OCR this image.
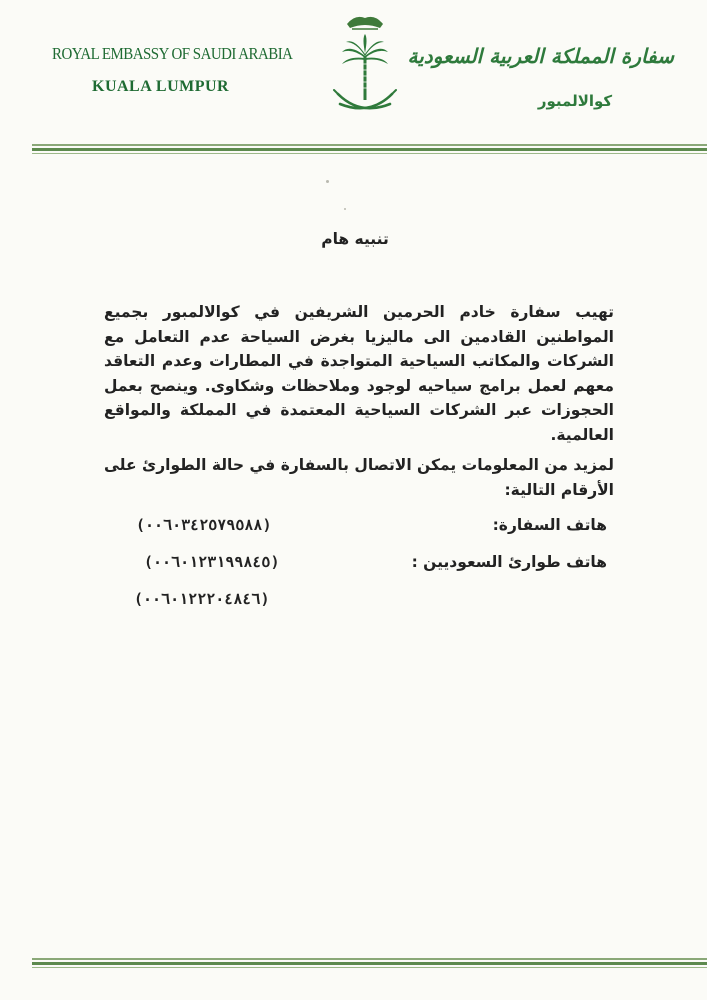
ROYAL EMBASSY OF SAUDI ARABIA
KUALA LUMPUR
سفارة المملكة العربية السعودية
كوالالمبور
تنبيه هام

تهيب سفارة خادم الحرمين الشريفين في كوالالمبور بجميع المواطنين القادمين الى ماليزيا بغرض السياحة عدم التعامل مع الشركات والمكاتب السياحية المتواجدة في المطارات وعدم التعاقد معهم لعمل برامج سياحيه لوجود وملاحظات وشكاوى. وينصح بعمل الحجوزات عبر الشركات السياحية المعتمدة في المملكة والمواقع العالمية.

لمزيد من المعلومات يمكن الاتصال بالسفارة في حالة الطوارئ على الأرقام التالية:

هاتف السفارة:
(٠٠٦٠٣٤٢٥٧٩٥٨٨)
هاتف طوارئ السعوديين :
(٠٠٦٠١٢٣١٩٩٨٤٥)
(٠٠٦٠١٢٢٢٠٤٨٤٦)
